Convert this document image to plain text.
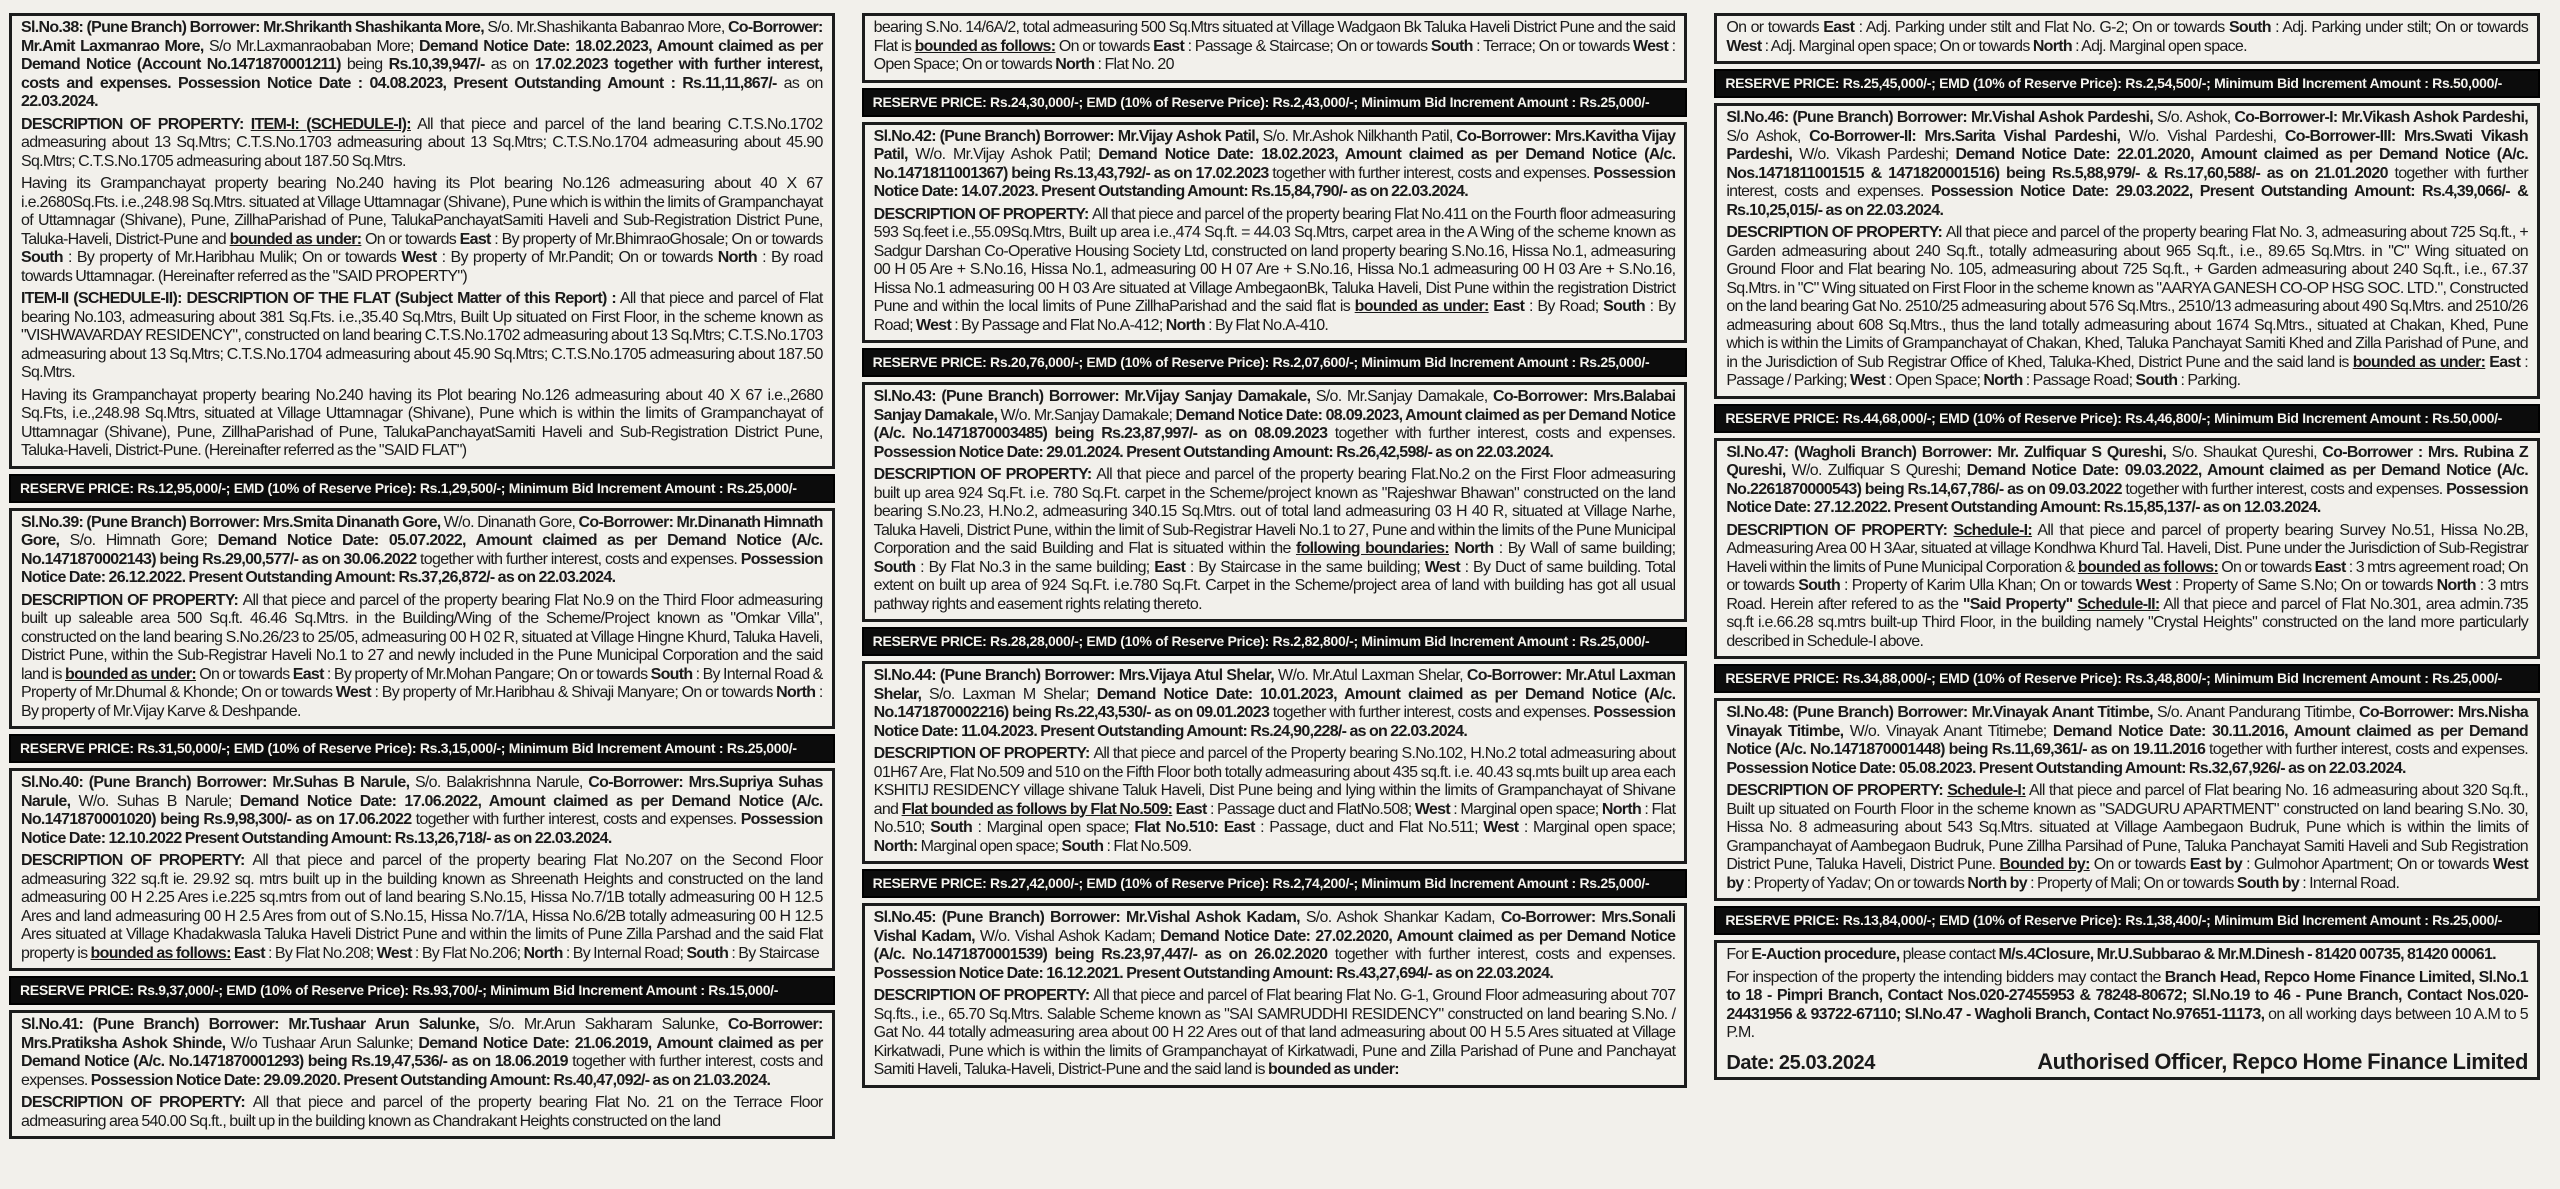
Sl.No.38: (Pune Branch) Borrower: Mr.Shrikanth Shashikanta More, S/o. Mr.Shashikanta Babanrao More, Co-Borrower: Mr.Amit Laxmanrao More, S/o Mr.Laxmanraobaban More; Demand Notice Date: 18.02.2023, Amount claimed as per Demand Notice (Account No.1471870001211) being Rs.10,39,947/- as on 17.02.2023 together with further interest, costs and expenses. Possession Notice Date : 04.08.2023, Present Outstanding Amount : Rs.11,11,867/- as on 22.03.2024.

DESCRIPTION OF PROPERTY: ITEM-I: (SCHEDULE-I): All that piece and parcel of the land bearing C.T.S.No.1702 admeasuring about 13 Sq.Mtrs; C.T.S.No.1703 admeasuring about 13 Sq.Mtrs; C.T.S.No.1704 admeasuring about 45.90 Sq.Mtrs; C.T.S.No.1705 admeasuring about 187.50 Sq.Mtrs.

Having its Grampanchayat property bearing No.240 having its Plot bearing No.126 admeasuring about 40 X 67 i.e.2680Sq.Fts. i.e.,248.98 Sq.Mtrs. situated at Village Uttamnagar (Shivane), Pune which is within the limits of Grampanchayat of Uttamnagar (Shivane), Pune, ZillhaParishad of Pune, TalukaPanchayatSamiti Haveli and Sub-Registration District Pune, Taluka-Haveli, District-Pune and bounded as under: On or towards East : By property of Mr.BhimraoGhosale; On or towards South : By property of Mr.Haribhau Mulik; On or towards West : By property of Mr.Pandit; On or towards North : By road towards Uttamnagar. (Hereinafter referred as the "SAID PROPERTY")

ITEM-II (SCHEDULE-II): DESCRIPTION OF THE FLAT (Subject Matter of this Report) : All that piece and parcel of Flat bearing No.103, admeasuring about 381 Sq.Fts. i.e.,35.40 Sq.Mtrs, Built Up situated on First Floor, in the scheme known as "VISHWAVARDAY RESIDENCY", constructed on land bearing C.T.S.No.1702 admeasuring about 13 Sq.Mtrs; C.T.S.No.1703 admeasuring about 13 Sq.Mtrs; C.T.S.No.1704 admeasuring about 45.90 Sq.Mtrs; C.T.S.No.1705 admeasuring about 187.50 Sq.Mtrs.

Having its Grampanchayat property bearing No.240 having its Plot bearing No.126 admeasuring about 40 X 67 i.e.,2680 Sq.Fts, i.e.,248.98 Sq.Mtrs, situated at Village Uttamnagar (Shivane), Pune which is within the limits of Grampanchayat of Uttamnagar (Shivane), Pune, ZillhaParishad of Pune, TalukaPanchayatSamiti Haveli and Sub-Registration District Pune, Taluka-Haveli, District-Pune. (Hereinafter referred as the "SAID FLAT")

RESERVE PRICE: Rs.12,95,000/-; EMD (10% of Reserve Price): Rs.1,29,500/-; Minimum Bid Increment Amount : Rs.25,000/-

Sl.No.39: (Pune Branch) Borrower: Mrs.Smita Dinanath Gore, W/o. Dinanath Gore, Co-Borrower: Mr.Dinanath Himnath Gore, S/o. Himnath Gore; Demand Notice Date: 05.07.2022, Amount claimed as per Demand Notice (A/c. No.1471870002143) being Rs.29,00,577/- as on 30.06.2022 together with further interest, costs and expenses. Possession Notice Date: 26.12.2022. Present Outstanding Amount: Rs.37,26,872/- as on 22.03.2024.

DESCRIPTION OF PROPERTY: All that piece and parcel of the property bearing Flat No.9 on the Third Floor admeasuring built up saleable area 500 Sq.ft. 46.46 Sq.Mtrs. in the Building/Wing of the Scheme/Project known as "Omkar Villa", constructed on the land bearing S.No.26/23 to 25/05, admeasuring 00 H 02 R, situated at Village Hingne Khurd, Taluka Haveli, District Pune, within the Sub-Registrar Haveli No.1 to 27 and newly included in the Pune Municipal Corporation and the said land is bounded as under: On or towards East : By property of Mr.Mohan Pangare; On or towards South : By Internal Road & Property of Mr.Dhumal & Khonde; On or towards West : By property of Mr.Haribhau & Shivaji Manyare; On or towards North : By property of Mr.Vijay Karve & Deshpande.

RESERVE PRICE: Rs.31,50,000/-; EMD (10% of Reserve Price): Rs.3,15,000/-; Minimum Bid Increment Amount : Rs.25,000/-

Sl.No.40: (Pune Branch) Borrower: Mr.Suhas B Narule, S/o. Balakrishnna Narule, Co-Borrower: Mrs.Supriya Suhas Narule, W/o. Suhas B Narule; Demand Notice Date: 17.06.2022, Amount claimed as per Demand Notice (A/c. No.1471870001020) being Rs.9,98,300/- as on 17.06.2022 together with further interest, costs and expenses. Possession Notice Date: 12.10.2022 Present Outstanding Amount: Rs.13,26,718/- as on 22.03.2024.

DESCRIPTION OF PROPERTY: All that piece and parcel of the property bearing Flat No.207 on the Second Floor admeasuring 322 sq.ft ie. 29.92 sq. mtrs built up in the building known as Shreenath Heights and constructed on the land admeasuring 00 H 2.25 Ares i.e.225 sq.mtrs from out of land bearing S.No.15, Hissa No.7/1B totally admeasuring 00 H 12.5 Ares and land admeasuring 00 H 2.5 Ares from out of S.No.15, Hissa No.7/1A, Hissa No.6/2B totally admeasuring 00 H 12.5 Ares situated at Village Khadakwasla Taluka Haveli District Pune and within the limits of Pune Zilla Parshad and the said Flat property is bounded as follows: East : By Flat No.208; West : By Flat No.206; North : By Internal Road; South : By Staircase

RESERVE PRICE: Rs.9,37,000/-; EMD (10% of Reserve Price): Rs.93,700/-; Minimum Bid Increment Amount : Rs.15,000/-

Sl.No.41: (Pune Branch) Borrower: Mr.Tushaar Arun Salunke, S/o. Mr.Arun Sakharam Salunke, Co-Borrower: Mrs.Pratiksha Ashok Shinde, W/o Tushaar Arun Salunke; Demand Notice Date: 21.06.2019, Amount claimed as per Demand Notice (A/c. No.1471870001293) being Rs.19,47,536/- as on 18.06.2019 together with further interest, costs and expenses. Possession Notice Date: 29.09.2020. Present Outstanding Amount: Rs.40,47,092/- as on 21.03.2024.

DESCRIPTION OF PROPERTY: All that piece and parcel of the property bearing Flat No. 21 on the Terrace Floor admeasuring area 540.00 Sq.ft., built up in the building known as Chandrakant Heights constructed on the land

bearing S.No. 14/6A/2, total admeasuring 500 Sq.Mtrs situated at Village Wadgaon Bk Taluka Haveli District Pune and the said Flat is bounded as follows: On or towards East : Passage & Staircase; On or towards South : Terrace; On or towards West : Open Space; On or towards North : Flat No. 20

RESERVE PRICE: Rs.24,30,000/-; EMD (10% of Reserve Price): Rs.2,43,000/-; Minimum Bid Increment Amount : Rs.25,000/-

Sl.No.42: (Pune Branch) Borrower: Mr.Vijay Ashok Patil, S/o. Mr.Ashok Nilkhanth Patil, Co-Borrower: Mrs.Kavitha Vijay Patil, W/o. Mr.Vijay Ashok Patil; Demand Notice Date: 18.02.2023, Amount claimed as per Demand Notice (A/c. No.1471811001367) being Rs.13,43,792/- as on 17.02.2023 together with further interest, costs and expenses. Possession Notice Date: 14.07.2023. Present Outstanding Amount: Rs.15,84,790/- as on 22.03.2024.

DESCRIPTION OF PROPERTY: All that piece and parcel of the property bearing Flat No.411 on the Fourth floor admeasuring 593 Sq.feet i.e.,55.09Sq.Mtrs, Built up area i.e.,474 Sq.ft. = 44.03 Sq.Mtrs, carpet area in the A Wing of the scheme known as Sadgur Darshan Co-Operative Housing Society Ltd, constructed on land property bearing S.No.16, Hissa No.1, admeasuring 00 H 05 Are + S.No.16, Hissa No.1, admeasuring 00 H 07 Are + S.No.16, Hissa No.1 admeasuring 00 H 03 Are + S.No.16, Hissa No.1 admeasuring 00 H 03 Are situated at Village AmbegaonBk, Taluka Haveli, Dist Pune within the registration District Pune and within the local limits of Pune ZillhaParishad and the said flat is bounded as under: East : By Road; South : By Road; West : By Passage and Flat No.A-412; North : By Flat No.A-410.

RESERVE PRICE: Rs.20,76,000/-; EMD (10% of Reserve Price): Rs.2,07,600/-; Minimum Bid Increment Amount : Rs.25,000/-

Sl.No.43: (Pune Branch) Borrower: Mr.Vijay Sanjay Damakale, S/o. Mr.Sanjay Damakale, Co-Borrower: Mrs.Balabai Sanjay Damakale, W/o. Mr.Sanjay Damakale; Demand Notice Date: 08.09.2023, Amount claimed as per Demand Notice (A/c. No.1471870003485) being Rs.23,87,997/- as on 08.09.2023 together with further interest, costs and expenses. Possession Notice Date: 29.01.2024. Present Outstanding Amount: Rs.26,42,598/- as on 22.03.2024.

DESCRIPTION OF PROPERTY: All that piece and parcel of the property bearing Flat.No.2 on the First Floor admeasuring built up area 924 Sq.Ft. i.e. 780 Sq.Ft. carpet in the Scheme/project known as "Rajeshwar Bhawan" constructed on the land bearing S.No.23, H.No.2, admeasuring 340.15 Sq.Mtrs. out of total land admeasuring 03 H 40 R, situated at Village Narhe, Taluka Haveli, District Pune, within the limit of Sub-Registrar Haveli No.1 to 27, Pune and within the limits of the Pune Municipal Corporation and the said Building and Flat is situated within the following boundaries: North : By Wall of same building; South : By Flat No.3 in the same building; East : By Staircase in the same building; West : By Duct of same building. Total extent on built up area of 924 Sq.Ft. i.e.780 Sq.Ft. Carpet in the Scheme/project area of land with building has got all usual pathway rights and easement rights relating thereto.

RESERVE PRICE: Rs.28,28,000/-; EMD (10% of Reserve Price): Rs.2,82,800/-; Minimum Bid Increment Amount : Rs.25,000/-

Sl.No.44: (Pune Branch) Borrower: Mrs.Vijaya Atul Shelar, W/o. Mr.Atul Laxman Shelar, Co-Borrower: Mr.Atul Laxman Shelar, S/o. Laxman M Shelar; Demand Notice Date: 10.01.2023, Amount claimed as per Demand Notice (A/c. No.1471870002216) being Rs.22,43,530/- as on 09.01.2023 together with further interest, costs and expenses. Possession Notice Date: 11.04.2023. Present Outstanding Amount: Rs.24,90,228/- as on 22.03.2024.

DESCRIPTION OF PROPERTY: All that piece and parcel of the Property bearing S.No.102, H.No.2 total admeasuring about 01H67 Are, Flat No.509 and 510 on the Fifth Floor both totally admeasuring about 435 sq.ft. i.e. 40.43 sq.mts built up area each KSHITIJ RESIDENCY village shivane Taluk Haveli, Dist Pune being and lying within the limits of Grampanchayat of Shivane and Flat bounded as follows by Flat No.509: East : Passage duct and FlatNo.508; West : Marginal open space; North : Flat No.510; South : Marginal open space; Flat No.510: East : Passage, duct and Flat No.511; West : Marginal open space; North: Marginal open space; South : Flat No.509.

RESERVE PRICE: Rs.27,42,000/-; EMD (10% of Reserve Price): Rs.2,74,200/-; Minimum Bid Increment Amount : Rs.25,000/-

Sl.No.45: (Pune Branch) Borrower: Mr.Vishal Ashok Kadam, S/o. Ashok Shankar Kadam, Co-Borrower: Mrs.Sonali Vishal Kadam, W/o. Vishal Ashok Kadam; Demand Notice Date: 27.02.2020, Amount claimed as per Demand Notice (A/c. No.1471870001539) being Rs.23,97,447/- as on 26.02.2020 together with further interest, costs and expenses. Possession Notice Date: 16.12.2021. Present Outstanding Amount: Rs.43,27,694/- as on 22.03.2024.

DESCRIPTION OF PROPERTY: All that piece and parcel of Flat bearing Flat No. G-1, Ground Floor admeasuring about 707 Sq.fts., i.e., 65.70 Sq.Mtrs. Salable Scheme known as "SAI SAMRUDDHI RESIDENCY" constructed on land bearing S.No. / Gat No. 44 totally admeasuring area about 00 H 22 Ares out of that land admeasuring about 00 H 5.5 Ares situated at Village Kirkatwadi, Pune which is within the limits of Grampanchayat of Kirkatwadi, Pune and Zilla Parishad of Pune and Panchayat Samiti Haveli, Taluka-Haveli, District-Pune and the said land is bounded as under:

On or towards East : Adj. Parking under stilt and Flat No. G-2; On or towards South : Adj. Parking under stilt; On or towards West : Adj. Marginal open space; On or towards North : Adj. Marginal open space.

RESERVE PRICE: Rs.25,45,000/-; EMD (10% of Reserve Price): Rs.2,54,500/-; Minimum Bid Increment Amount : Rs.50,000/-

Sl.No.46: (Pune Branch) Borrower: Mr.Vishal Ashok Pardeshi, S/o. Ashok, Co-Borrower-I: Mr.Vikash Ashok Pardeshi, S/o Ashok, Co-Borrower-II: Mrs.Sarita Vishal Pardeshi, W/o. Vishal Pardeshi, Co-Borrower-III: Mrs.Swati Vikash Pardeshi, W/o. Vikash Pardeshi; Demand Notice Date: 22.01.2020, Amount claimed as per Demand Notice (A/c. Nos.1471811001515 & 1471820001516) being Rs.5,88,979/- & Rs.17,60,588/- as on 21.01.2020 together with further interest, costs and expenses. Possession Notice Date: 29.03.2022, Present Outstanding Amount: Rs.4,39,066/- & Rs.10,25,015/- as on 22.03.2024.

DESCRIPTION OF PROPERTY: All that piece and parcel of the property bearing Flat No. 3, admeasuring about 725 Sq.ft., + Garden admeasuring about 240 Sq.ft., totally admeasuring about 965 Sq.ft., i.e., 89.65 Sq.Mtrs. in "C" Wing situated on Ground Floor and Flat bearing No. 105, admeasuring about 725 Sq.ft., + Garden admeasuring about 240 Sq.ft., i.e., 67.37 Sq.Mtrs. in "C" Wing situated on First Floor in the scheme known as "AARYA GANESH CO-OP HSG SOC. LTD.", Constructed on the land bearing Gat No. 2510/25 admeasuring about 576 Sq.Mtrs., 2510/13 admeasuring about 490 Sq.Mtrs. and 2510/26 admeasuring about 608 Sq.Mtrs., thus the land totally admeasuring about 1674 Sq.Mtrs., situated at Chakan, Khed, Pune which is within the Limits of Grampanchayat of Chakan, Khed, Taluka Panchayat Samiti Khed and Zilla Parishad of Pune, and in the Jurisdiction of Sub Registrar Office of Khed, Taluka-Khed, District Pune and the said land is bounded as under: East : Passage / Parking; West : Open Space; North : Passage Road; South : Parking.

RESERVE PRICE: Rs.44,68,000/-; EMD (10% of Reserve Price): Rs.4,46,800/-; Minimum Bid Increment Amount : Rs.50,000/-

Sl.No.47: (Wagholi Branch) Borrower: Mr. Zulfiquar S Qureshi, S/o. Shaukat Qureshi, Co-Borrower : Mrs. Rubina Z Qureshi, W/o. Zulfiquar S Qureshi; Demand Notice Date: 09.03.2022, Amount claimed as per Demand Notice (A/c. No.2261870000543) being Rs.14,67,786/- as on 09.03.2022 together with further interest, costs and expenses. Possession Notice Date: 27.12.2022. Present Outstanding Amount: Rs.15,85,137/- as on 12.03.2024.

DESCRIPTION OF PROPERTY: Schedule-I: All that piece and parcel of property bearing Survey No.51, Hissa No.2B, Admeasuring Area 00 H 3Aar, situated at village Kondhwa Khurd Tal. Haveli, Dist. Pune under the Jurisdiction of Sub-Registrar Haveli within the limits of Pune Municipal Corporation & bounded as follows: On or towards East : 3 mtrs agreement road; On or towards South : Property of Karim Ulla Khan; On or towards West : Property of Same S.No; On or towards North : 3 mtrs Road. Herein after refered to as the "Said Property" Schedule-II: All that piece and parcel of Flat No.301, area admin.735 sq.ft i.e.66.28 sq.mtrs built-up Third Floor, in the building namely "Crystal Heights" constructed on the land more particularly described in Schedule-I above.

RESERVE PRICE: Rs.34,88,000/-; EMD (10% of Reserve Price): Rs.3,48,800/-; Minimum Bid Increment Amount : Rs.25,000/-

Sl.No.48: (Pune Branch) Borrower: Mr.Vinayak Anant Titimbe, S/o. Anant Pandurang Titimbe, Co-Borrower: Mrs.Nisha Vinayak Titimbe, W/o. Vinayak Anant Titimebe; Demand Notice Date: 30.11.2016, Amount claimed as per Demand Notice (A/c. No.1471870001448) being Rs.11,69,361/- as on 19.11.2016 together with further interest, costs and expenses. Possession Notice Date: 05.08.2023. Present Outstanding Amount: Rs.32,67,926/- as on 22.03.2024.

DESCRIPTION OF PROPERTY: Schedule-I: All that piece and parcel of Flat bearing No. 16 admeasuring about 320 Sq.ft., Built up situated on Fourth Floor in the scheme known as "SADGURU APARTMENT" constructed on land bearing S.No. 30, Hissa No. 8 admeasuring about 543 Sq.Mtrs. situated at Village Aambegaon Budruk, Pune which is within the limits of Grampanchayat of Aambegaon Budruk, Pune Zillha Parsihad of Pune, Taluka Panchayat Samiti Haveli and Sub Registration District Pune, Taluka Haveli, District Pune. Bounded by: On or towards East by : Gulmohor Apartment; On or towards West by : Property of Yadav; On or towards North by : Property of Mali; On or towards South by : Internal Road.

RESERVE PRICE: Rs.13,84,000/-; EMD (10% of Reserve Price): Rs.1,38,400/-; Minimum Bid Increment Amount : Rs.25,000/-

For E-Auction procedure, please contact M/s.4Closure, Mr.U.Subbarao & Mr.M.Dinesh - 81420 00735, 81420 00061.

For inspection of the property the intending bidders may contact the Branch Head, Repco Home Finance Limited, Sl.No.1 to 18 - Pimpri Branch, Contact Nos.020-27455953 & 78248-80672; Sl.No.19 to 46 - Pune Branch, Contact Nos.020-24431956 & 93722-67110; Sl.No.47 - Wagholi Branch, Contact No.97651-11173, on all working days between 10 A.M to 5 P.M.

Date: 25.03.2024	Authorised Officer, Repco Home Finance Limited
